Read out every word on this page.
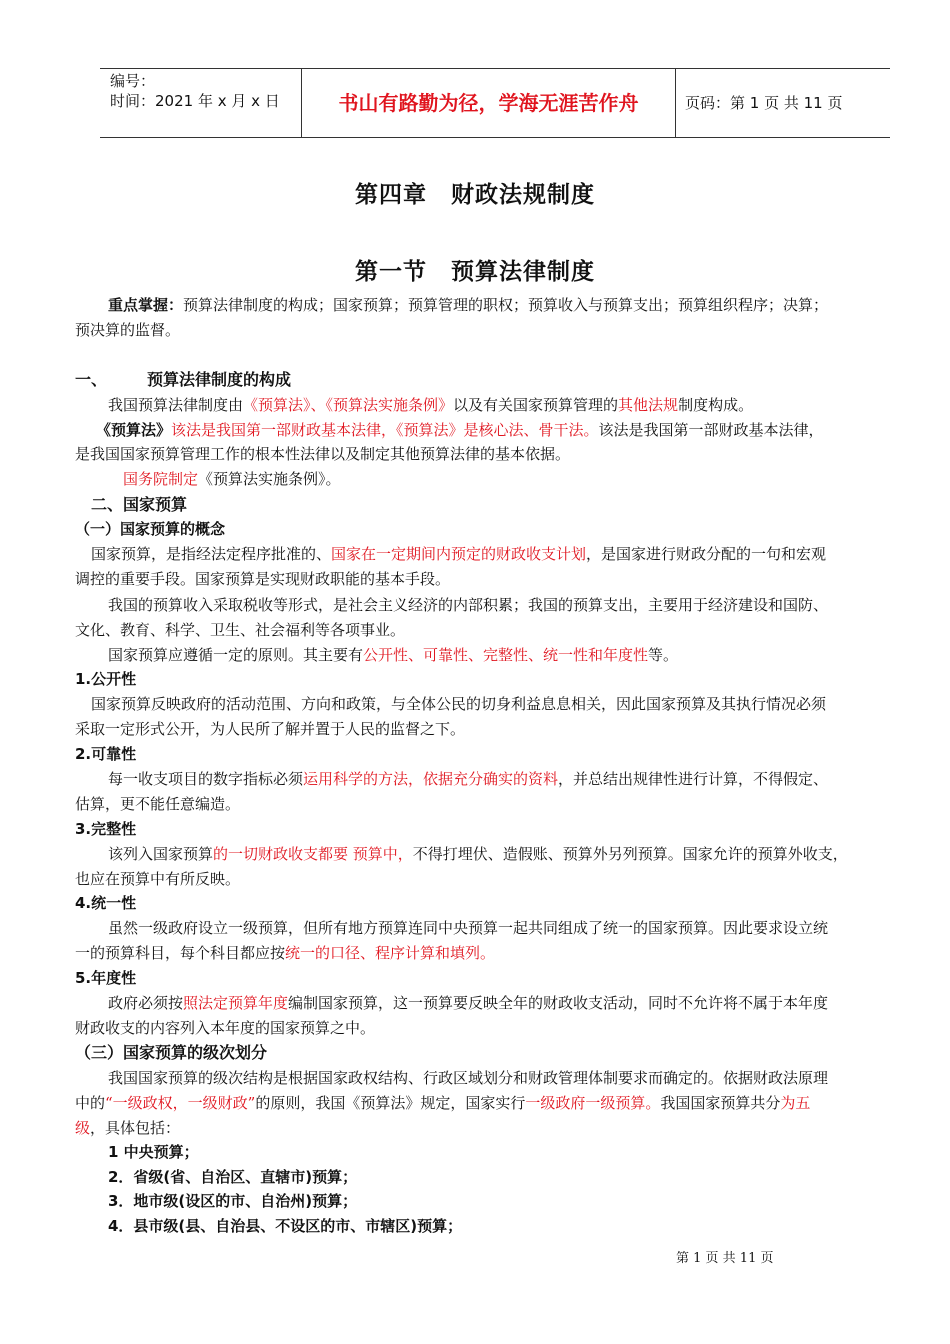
编号：
时间：2021 年 x 月 x 日	书山有路勤为径，学海无涯苦作舟	页码：第 1 页 共 11 页
第四章　财政法规制度
第一节　预算法律制度
重点掌握：预算法律制度的构成；国家预算；预算管理的职权；预算收入与预算支出；预算组织程序；决算；
预决算的监督。
一、	预算法律制度的构成
我国预算法律制度由《预算法》、《预算法实施条例》以及有关国家预算管理的其他法规制度构成。
《预算法》该法是我国第一部财政基本法律，《预算法》是核心法、骨干法。该法是我国第一部财政基本法律，
是我国国家预算管理工作的根本性法律以及制定其他预算法律的基本依据。
国务院制定《预算法实施条例》。
二、国家预算
（一）国家预算的概念
国家预算，是指经法定程序批准的、国家在一定期间内预定的财政收支计划，是国家进行财政分配的一句和宏观
调控的重要手段。国家预算是实现财政职能的基本手段。
我国的预算收入采取税收等形式，是社会主义经济的内部积累；我国的预算支出，主要用于经济建设和国防、
文化、教育、科学、卫生、社会福利等各项事业。
国家预算应遵循一定的原则。其主要有公开性、可靠性、完整性、统一性和年度性等。
1.公开性
国家预算反映政府的活动范围、方向和政策，与全体公民的切身利益息息相关，因此国家预算及其执行情况必须
采取一定形式公开，为人民所了解并置于人民的监督之下。
2.可靠性
每一收支项目的数字指标必须运用科学的方法，依据充分确实的资料，并总结出规律性进行计算，不得假定、
估算，更不能任意编造。
3.完整性
该列入国家预算的一切财政收支都要 预算中，不得打埋伏、造假账、预算外另列预算。国家允许的预算外收支，
也应在预算中有所反映。
4.统一性
虽然一级政府设立一级预算，但所有地方预算连同中央预算一起共同组成了统一的国家预算。因此要求设立统
一的预算科目，每个科目都应按统一的口径、程序计算和填列。
5.年度性
政府必须按照法定预算年度编制国家预算，这一预算要反映全年的财政收支活动，同时不允许将不属于本年度
财政收支的内容列入本年度的国家预算之中。
（三）国家预算的级次划分
我国国家预算的级次结构是根据国家政权结构、行政区域划分和财政管理体制要求而确定的。依据财政法原理
中的“一级政权，一级财政”的原则，我国《预算法》规定，国家实行一级政府一级预算。我国国家预算共分为五
级，具体包括：
1 中央预算；
2．省级(省、自治区、直辖市)预算；
3．地市级(设区的市、自治州)预算；
4．县市级(县、自治县、不设区的市、市辖区)预算；
第 1 页 共 11 页
